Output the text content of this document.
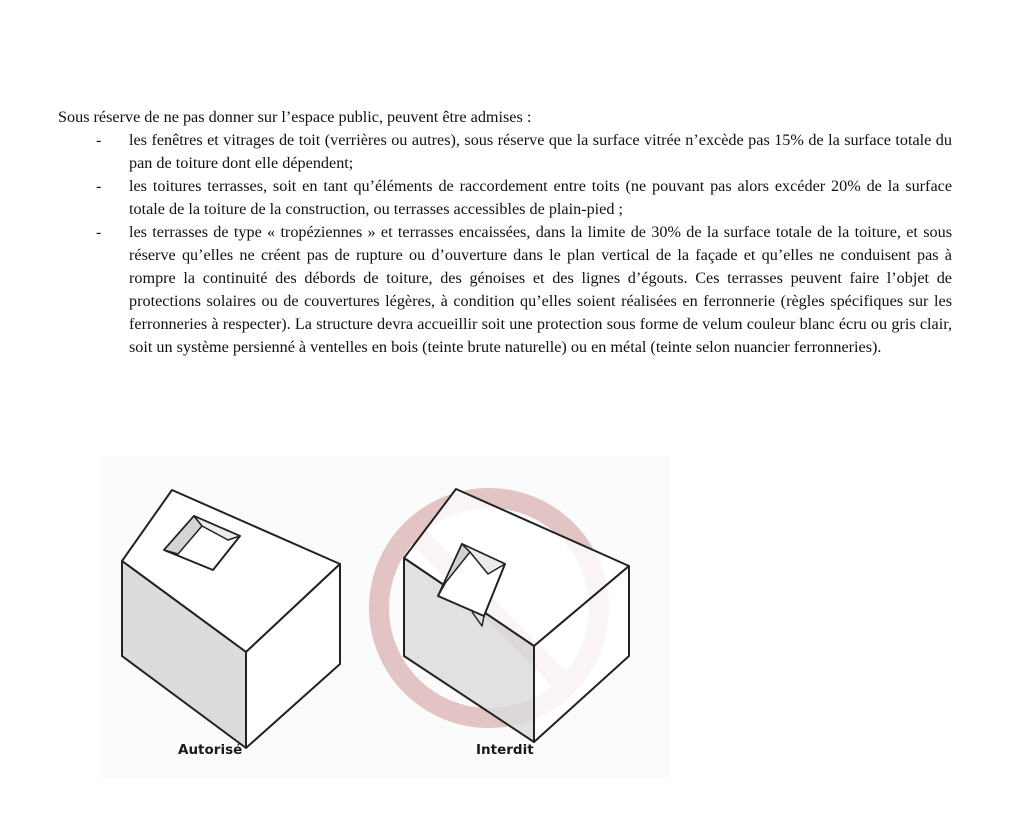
Sous réserve de ne pas donner sur l’espace public, peuvent être admises :

- les fenêtres et vitrages de toit (verrières ou autres), sous réserve que la surface vitrée n’excède pas 15% de la surface totale du pan de toiture dont elle dépendent;
- les toitures terrasses, soit en tant qu’éléments de raccordement entre toits (ne pouvant pas alors excéder 20% de la surface totale de la toiture de la construction, ou terrasses accessibles de plain-pied ;
- les terrasses de type « tropéziennes » et terrasses encaissées, dans la limite de 30% de la surface totale de la toiture, et sous réserve qu’elles ne créent pas de rupture ou d’ouverture dans le plan vertical de la façade et qu’elles ne conduisent pas à rompre la continuité des débords de toiture, des génoises et des lignes d’égouts. Ces terrasses peuvent faire l’objet de protections solaires ou de couvertures légères, à condition qu’elles soient réalisées en ferronnerie (règles spécifiques sur les ferronneries à respecter). La structure devra accueillir soit une protection sous forme de velum couleur blanc écru ou gris clair, soit un système persienné à ventelles en bois (teinte brute naturelle) ou en métal (teinte selon nuancier ferronneries).
Autorisé	Interdit
